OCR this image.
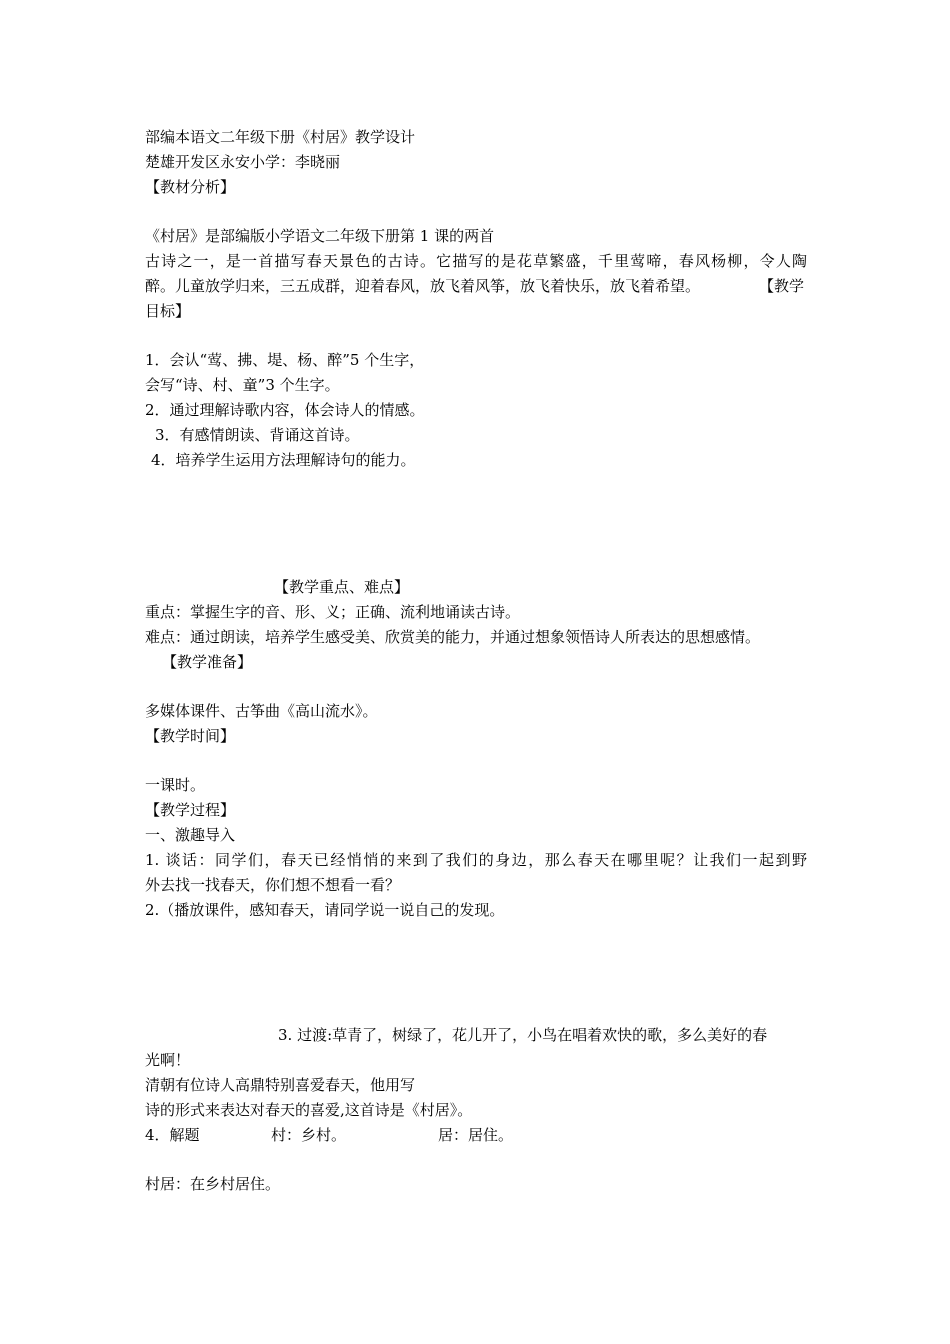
部编本语文二年级下册《村居》教学设计
楚雄开发区永安小学：李晓丽
【教材分析】
《村居》是部编版小学语文二年级下册第 1 课的两首
古诗之一，是一首描写春天景色的古诗。它描写的是花草繁盛，千里莺啼，春风杨柳，令人陶
醉。儿童放学归来，三五成群，迎着春风，放飞着风筝，放飞着快乐，放飞着希望。	【教学
目标】
1．会认“莺、拂、堤、杨、醉”5 个生字，
会写“诗、村、童”3 个生字。
2．通过理解诗歌内容，体会诗人的情感。
3．有感情朗读、背诵这首诗。
4．培养学生运用方法理解诗句的能力。
【教学重点、难点】
重点：掌握生字的音、形、义；正确、流利地诵读古诗。
难点：通过朗读，培养学生感受美、欣赏美的能力，并通过想象领悟诗人所表达的思想感情。
【教学准备】
多媒体课件、古筝曲《高山流水》。
【教学时间】
一课时。
【教学过程】
一、激趣导入
1. 谈话：同学们，春天已经悄悄的来到了我们的身边，那么春天在哪里呢？让我们一起到野
外去找一找春天，你们想不想看一看？
2.（播放课件，感知春天，请同学说一说自己的发现。
3. 过渡:草青了，树绿了，花儿开了，小鸟在唱着欢快的歌，多么美好的春
光啊！
清朝有位诗人高鼎特别喜爱春天，他用写
诗的形式来表达对春天的喜爱,这首诗是《村居》。
4．解题	村：乡村。	居：居住。
村居：在乡村居住。
